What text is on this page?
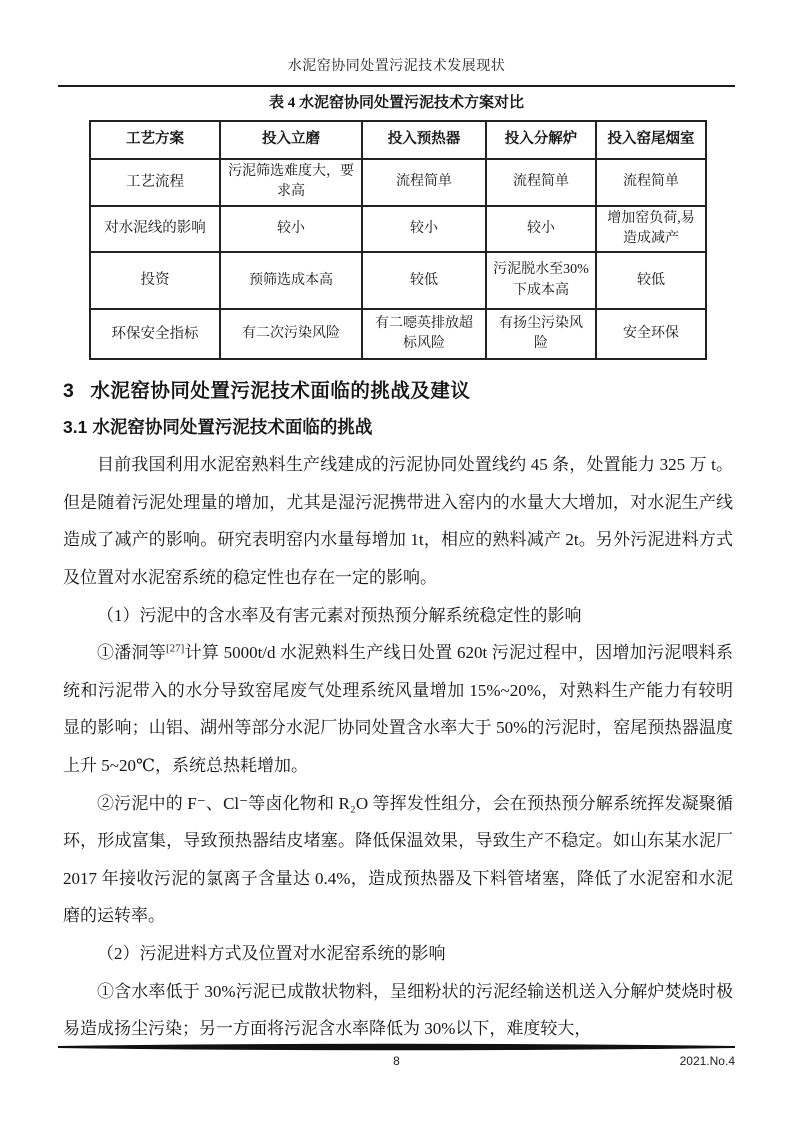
水泥窑协同处置污泥技术发展现状
表 4 水泥窑协同处置污泥技术方案对比
工艺方案	投入立磨	投入预热器	投入分解炉	投入窑尾烟室
工艺流程	污泥筛选难度大，要求高	流程简单	流程简单	流程简单
对水泥线的影响	较小	较小	较小	增加窑负荷,易造成减产
投资	预筛选成本高	较低	污泥脱水至30%下成本高	较低
环保安全指标	有二次污染风险	有二噁英排放超标风险	有扬尘污染风险	安全环保
3 水泥窑协同处置污泥技术面临的挑战及建议
3.1 水泥窑协同处置污泥技术面临的挑战

目前我国利用水泥窑熟料生产线建成的污泥协同处置线约 45 条，处置能力 325 万 t。但是随着污泥处理量的增加，尤其是湿污泥携带进入窑内的水量大大增加，对水泥生产线造成了减产的影响。研究表明窑内水量每增加 1t，相应的熟料减产 2t。另外污泥进料方式及位置对水泥窑系统的稳定性也存在一定的影响。

（1）污泥中的含水率及有害元素对预热预分解系统稳定性的影响

①潘洞等[27]计算 5000t/d 水泥熟料生产线日处置 620t 污泥过程中，因增加污泥喂料系统和污泥带入的水分导致窑尾废气处理系统风量增加 15%~20%，对熟料生产能力有较明显的影响；山铝、湖州等部分水泥厂协同处置含水率大于 50%的污泥时，窑尾预热器温度上升 5~20℃，系统总热耗增加。

②污泥中的 F⁻、Cl⁻等卤化物和 R₂O 等挥发性组分，会在预热预分解系统挥发凝聚循环，形成富集，导致预热器结皮堵塞。降低保温效果，导致生产不稳定。如山东某水泥厂 2017 年接收污泥的氯离子含量达 0.4%，造成预热器及下料管堵塞，降低了水泥窑和水泥磨的运转率。

（2）污泥进料方式及位置对水泥窑系统的影响

①含水率低于 30%污泥已成散状物料，呈细粉状的污泥经输送机送入分解炉焚烧时极易造成扬尘污染；另一方面将污泥含水率降低为 30%以下，难度较大，

8	2021.No.4
